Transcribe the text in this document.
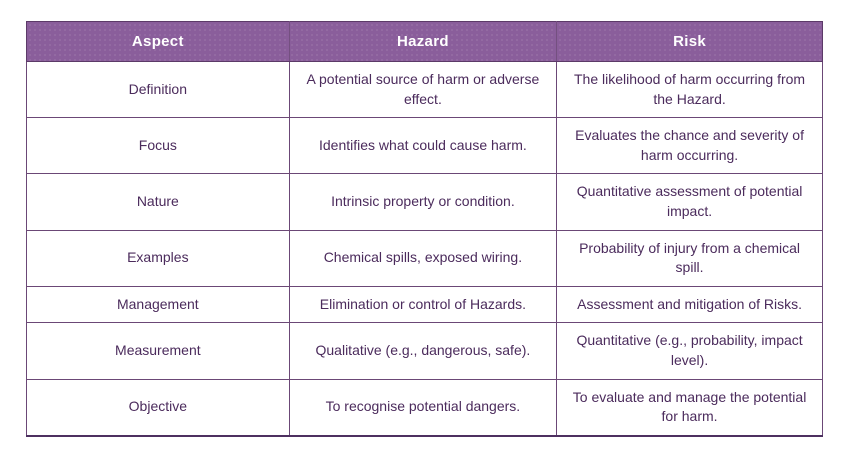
Aspect	Hazard	Risk
Definition	A potential source of harm or adverse effect.	The likelihood of harm occurring from the Hazard.
Focus	Identifies what could cause harm.	Evaluates the chance and severity of harm occurring.
Nature	Intrinsic property or condition.	Quantitative assessment of potential impact.
Examples	Chemical spills, exposed wiring.	Probability of injury from a chemical spill.
Management	Elimination or control of Hazards.	Assessment and mitigation of Risks.
Measurement	Qualitative (e.g., dangerous, safe).	Quantitative (e.g., probability, impact level).
Objective	To recognise potential dangers.	To evaluate and manage the potential for harm.
